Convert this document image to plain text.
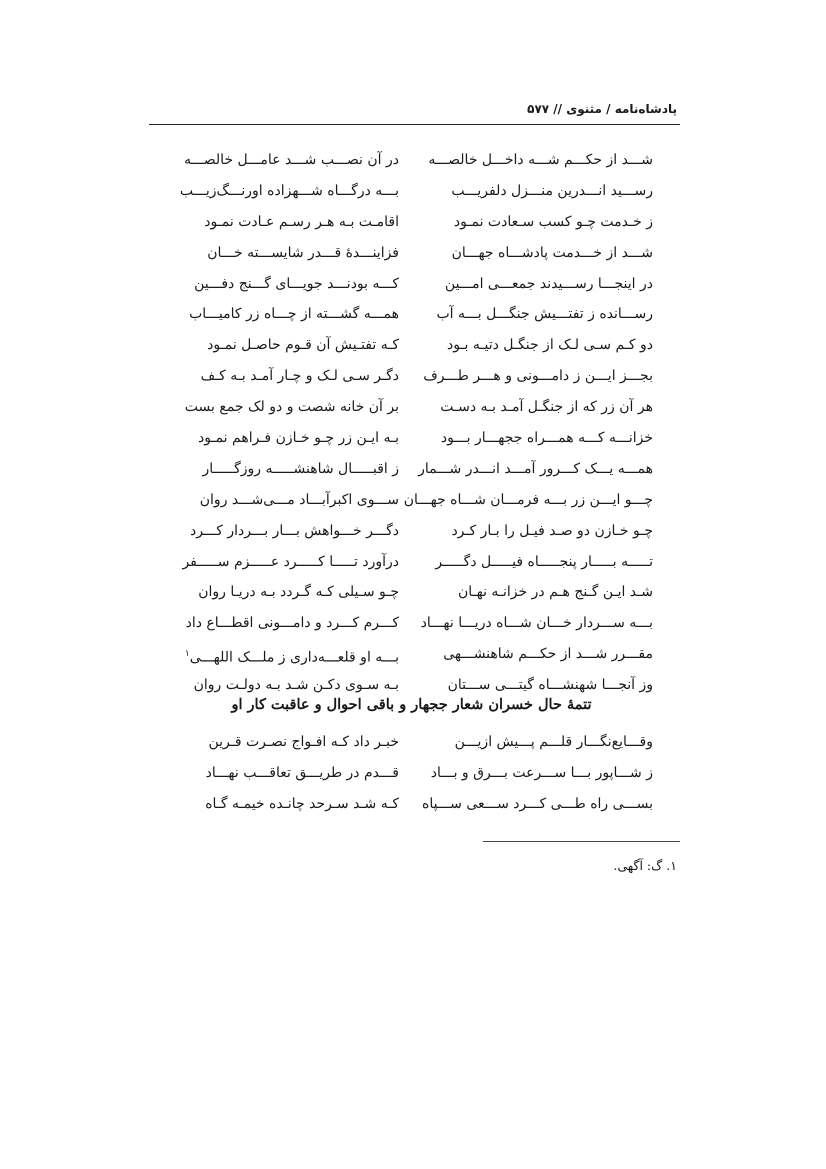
پادشاه‌نامه / مثنوی // ۵۷۷
شـــد از حکـــم شـــه داخـــل خالصـــه
در آن نصـــب شـــد عامـــل خالصـــه
رســـید انـــدرین منـــزل دلفریـــب
بـــه درگـــاه شـــهزاده اورنـــگ‌زیـــب
ز خـدمت چـو کسب سـعادت نمـود
اقامـت بـه هـر رسـم عـادت نمـود
شـــد از خـــدمت پادشـــاه جهـــان
فزاینـــدۀ قـــدر شایســـته خـــان
در اینجـــا رســـیدند جمعـــی امـــین
کـــه بودنـــد جویـــای گـــنج دفـــین
رســـانده ز تفتـــیش جنگـــل بـــه آب
همـــه گشـــته از چـــاه زر کامیـــاب
دو کـم سـی لـک از جنگـل دتیـه بـود
کـه تفتـیش آن قـوم حاصـل نمـود
بجـــز ایـــن ز دامـــونی و هـــر طـــرف
دگـر سـی لـک و چـار آمـد بـه کـف
هر آن زر که از جنگـل آمـد بـه دسـت
بر آن خانه شصت و دو لک جمع بست
خزانـــه کـــه همـــراه ججهـــار بـــود
بـه ایـن زر چـو خـازن فـراهم نمـود
همـــه یـــک کـــرور آمـــد انـــدر شـــمار
ز اقبـــــال شاهنشـــــه روزگـــــار
چـــو ایـــن زر بـــه فرمـــان شـــاه جهـــان
ســـوی اکبرآبـــاد مـــی‌شـــد روان
چـو خـازن دو صـد فیـل را بـار کـرد
دگـــر خـــواهش بـــار بـــردار کـــرد
تـــــه بـــــار پنجـــــاه فیـــــل دگـــــر
درآورد تـــــا کـــــرد عـــــزم ســـــفر
شـد ایـن گـنج هـم در خزانـه نهـان
چـو سـیلی کـه گـردد بـه دریـا روان
بـــه ســـردار خـــان شـــاه دریـــا نهـــاد
کـــرم کـــرد و دامـــونی اقطـــاع داد
مقـــرر شـــد از حکـــم شاهنشـــهی
بـــه او قلعـــه‌داری ز ملـــک اللهـــی$^۱$
وز آنجـــا شهنشـــاه گیتـــی ســـتان
بـه سـوی دکـن شـد بـه دولـت روان
تتمۀ حال خسران شعار ججهار و باقی احوال و عاقبت کار او
وقـــایع‌نگـــار قلـــم پـــیش ازیـــن
خبـر داد کـه افـواج نصـرت قـرین
ز شـــاپور بـــا ســـرعت بـــرق و بـــاد
قـــدم در طریـــق تعاقـــب نهـــاد
بســـی راه طـــی کـــرد ســـعی ســـپاه
کـه شـد سـرحد چانـده خیمـه گـاه
۱. گ: آگهی.
